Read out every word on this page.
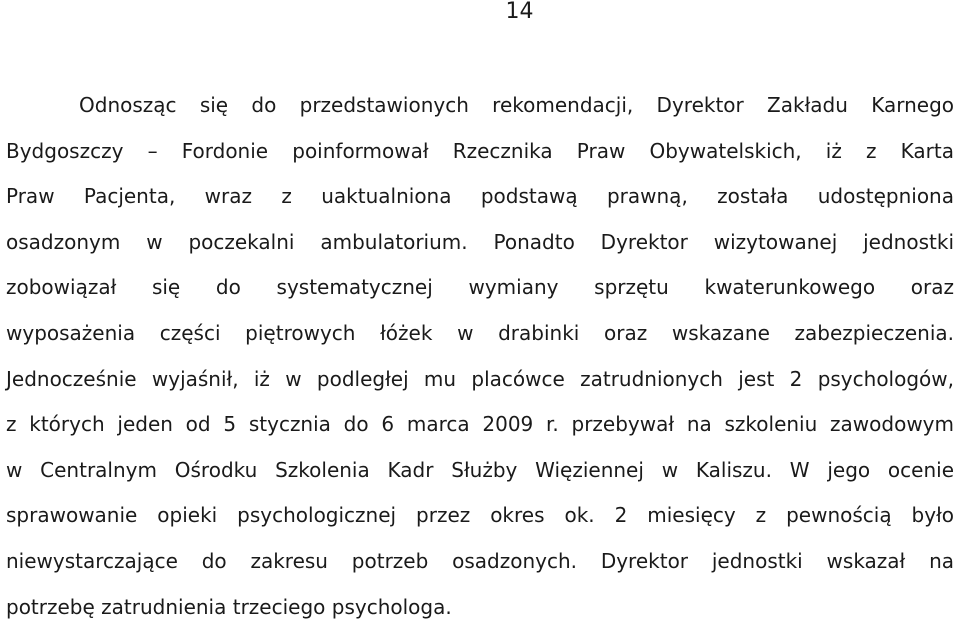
14
Odnosząc się do przedstawionych rekomendacji, Dyrektor Zakładu Karnego
Bydgoszczy – Fordonie poinformował Rzecznika Praw Obywatelskich, iż z Karta
Praw Pacjenta, wraz z uaktualniona podstawą prawną, została udostępniona
osadzonym w poczekalni ambulatorium. Ponadto Dyrektor wizytowanej jednostki
zobowiązał się do systematycznej wymiany sprzętu kwaterunkowego oraz
wyposażenia części piętrowych łóżek w drabinki oraz wskazane zabezpieczenia.
Jednocześnie wyjaśnił, iż w podległej mu placówce zatrudnionych jest 2 psychologów,
z których jeden od 5 stycznia do 6 marca 2009 r. przebywał na szkoleniu zawodowym
w Centralnym Ośrodku Szkolenia Kadr Służby Więziennej w Kaliszu. W jego ocenie
sprawowanie opieki psychologicznej przez okres ok. 2 miesięcy z pewnością było
niewystarczające do zakresu potrzeb osadzonych. Dyrektor jednostki wskazał na
potrzebę zatrudnienia trzeciego psychologa.
